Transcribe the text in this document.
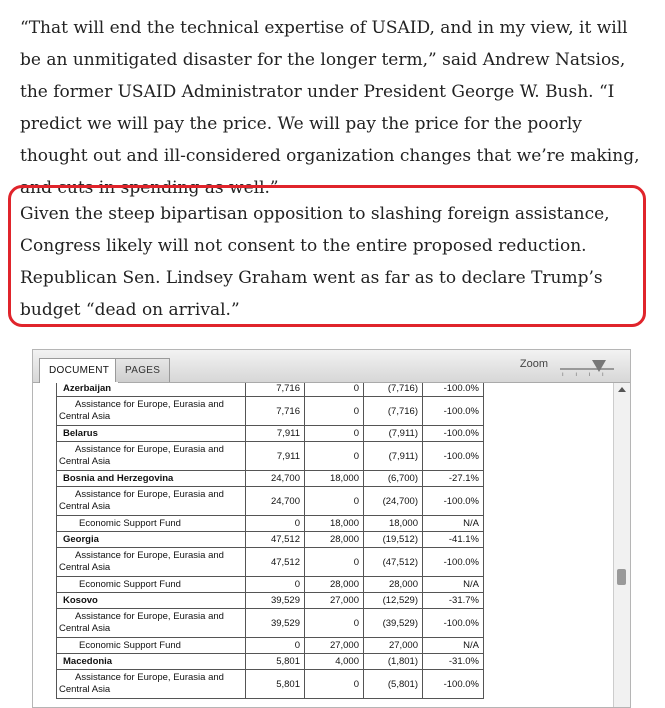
“That will end the technical expertise of USAID, and in my view, it will be an unmitigated disaster for the longer term,” said Andrew Natsios, the former USAID Administrator under President George W. Bush. “I predict we will pay the price. We will pay the price for the poorly thought out and ill-considered organization changes that we’re making, and cuts in spending as well.”

Given the steep bipartisan opposition to slashing foreign assistance, Congress likely will not consent to the entire proposed reduction. Republican Sen. Lindsey Graham went as far as to declare Trump’s budget “dead on arrival.”

DOCUMENT	PAGES
Zoom
ı ı ı ı
Azerbaijan	7,716	0	(7,716)	-100.0%

Assistance for Europe, Eurasia and
Central Asia	7,716	0	(7,716)	-100.0%
Belarus	7,911	0	(7,911)	-100.0%

Assistance for Europe, Eurasia and
Central Asia	7,911	0	(7,911)	-100.0%
Bosnia and Herzegovina	24,700	18,000	(6,700)	-27.1%

Assistance for Europe, Eurasia and
Central Asia	24,700	0	(24,700)	-100.0%
Economic Support Fund	0	18,000	18,000	N/A
Georgia	47,512	28,000	(19,512)	-41.1%

Assistance for Europe, Eurasia and
Central Asia	47,512	0	(47,512)	-100.0%
Economic Support Fund	0	28,000	28,000	N/A
Kosovo	39,529	27,000	(12,529)	-31.7%

Assistance for Europe, Eurasia and
Central Asia	39,529	0	(39,529)	-100.0%
Economic Support Fund	0	27,000	27,000	N/A
Macedonia	5,801	4,000	(1,801)	-31.0%

Assistance for Europe, Eurasia and
Central Asia	5,801	0	(5,801)	-100.0%
